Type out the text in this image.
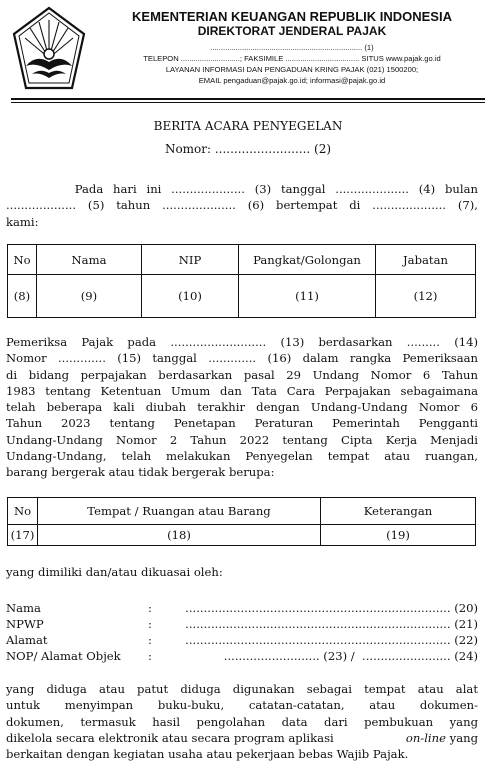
KEMENTERIAN KEUANGAN REPUBLIK INDONESIA
DIREKTORAT JENDERAL PAJAK
........................................................................ (1)
TELEPON ............................; FAKSIMILE ................................... SITUS www.pajak.go.id
LAYANAN INFORMASI DAN PENGADUAN KRING PAJAK (021) 1500200;
EMAIL pengaduan@pajak.go.id; informasi@pajak.go.id
BERITA ACARA PENYEGELAN
Nomor: ......................... (2)
Pada hari ini .................... (3) tanggal .................... (4) bulan
................... (5) tahun .................... (6) bertempat di .................... (7),
kami:
No	Nama	NIP	Pangkat/Golongan	Jabatan
(8)	(9)	(10)	(11)	(12)
Pemeriksa Pajak pada .......................... (13) berdasarkan ......... (14)
Nomor ............. (15) tanggal ............. (16) dalam rangka Pemeriksaan
di bidang perpajakan berdasarkan pasal 29 Undang Nomor 6 Tahun
1983 tentang Ketentuan Umum dan Tata Cara Perpajakan sebagaimana
telah beberapa kali diubah terakhir dengan Undang-Undang Nomor 6
Tahun 2023 tentang Penetapan Peraturan Pemerintah Pengganti
Undang-Undang Nomor 2 Tahun 2022 tentang Cipta Kerja Menjadi
Undang-Undang, telah melakukan Penyegelan tempat atau ruangan,
barang bergerak atau tidak bergerak berupa:
No	Tempat / Ruangan atau Barang	Keterangan
(17)	(18)	(19)
yang dimiliki dan/atau dikuasai oleh:
Nama	:	........................................................................ (20)
NPWP	:	........................................................................ (21)
Alamat	:	........................................................................ (22)
NOP/ Alamat Objek :	.......................... (23) /  ........................ (24)
yang diduga atau patut diduga digunakan sebagai tempat atau alat
untuk menyimpan buku-buku, catatan-catatan, atau dokumen-
dokumen, termasuk hasil pengolahan data dari pembukuan yang
dikelola secara elektronik atau secara program aplikasi	on-line yang
berkaitan dengan kegiatan usaha atau pekerjaan bebas Wajib Pajak.
